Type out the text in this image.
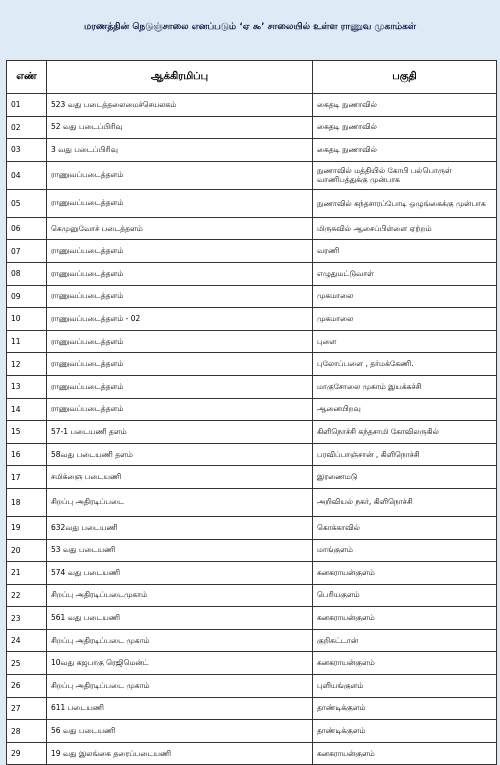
மரணத்தின் நெடுஞ்சாலை எனப்படும் ‘ஏ ௯’ சாலையில் உள்ள ராணுவ முகாம்கள்
எண்	ஆக்கிரமிப்பு	பகுதி
01	523 வது படைத்தலைமைச்செயலகம்	கைதடி நுணாவில்
02	52 வது படைப்பிரிவு	கைதடி நுணாவில்
03	3 வது படைப்பிரிவு	கைதடி நுணாவில்
04	ராணுவப்படைத்தளம்	நுணாவில் மத்தியில் கோபி பல்பொருள் வாணிபத்துக்கு முன்பாக
05	ராணுவப்படைத்தளம்	நுணாவில் கந்தசாரப்போடி ஒழுங்கைக்கு முன்பாக
06	கெமுனுவோச் படைத்தளம்	மிருசுவில் ஆசைப்பிள்ளை ஏற்றம்
07	ராணுவப்படைத்தளம்	வரணி
08	ராணுவப்படைத்தளம்	எழுதுமட்டுவாள்
09	ராணுவப்படைத்தளம்	முகமாலை
10	ராணுவப்படைத்தளம் - 02	முகமாலை
11	ராணுவப்படைத்தளம்	புளை
12	ராணுவப்படைத்தளம்	புலோப்பளை , தர்மக்கேணி.
13	ராணுவப்படைத்தளம்	மாகுசோலை முகாம் இயக்கச்சி
14	ராணுவப்படைத்தளம்	ஆனையிறவு
15	57-1 படையணி தளம்	கிளிநொச்சி கந்தசாமி கோவிலருகில்
16	58வது படையணி தளம்	பரவிப்பாஞ்சான் , கிளிநொச்சி
17	சமிக்ஞை படையணி	இரணைமடு
18	சிறப்பு அதிரடிப்படை	அறிவியல் நகர், கிளிநொச்சி
19	632வது படையணி	கொக்காவில்
20	53 வது படையணி	மாங்குளம்
21	574 வது படையணி	கனகராயன்குளம்
22	சிறப்பு அதிரடிப்படைமுகாம்	பெரியகுளம்
23	561 வது படையணி	கனகராயன்குளம்
24	சிறப்பு அதிரடிப்படை முகாம்	குறிசுட்டான்
25	10வது கஜபாகு ரெஜிமென்ட்	கனகராயன்குளம்
26	சிறப்பு அதிரடிப்படை முகாம்	புளியங்குளம்
27	611 படையணி	தாண்டிக்குளம்
28	56 வது படையணி	தாண்டிக்குளம்
29	19 வது இலங்கை தரைப்படையணி	கனகராயன்குளம்
